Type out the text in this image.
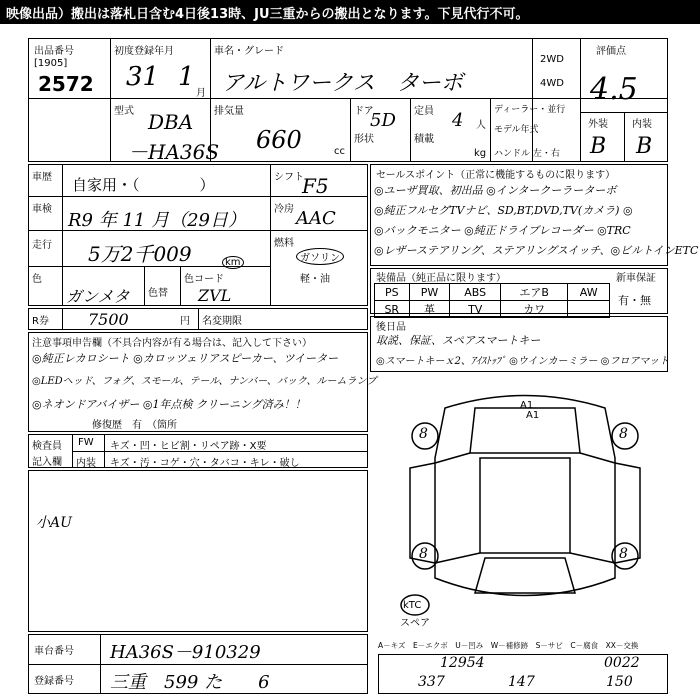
映像出品）搬出は落札日含む4日後13時、JU三重からの搬出となります。下見代行不可。
出品番号
[1905]
2572
初度登録年月
31 1
月
車名・グレード
アルトワークス　ターボ
2WD
4WD
評価点
4.5
外装 内装
B B
型式 DBA
－HA36S
排気量
660	cc
ドア
5D
形状
定員 4 人
積載
kg
ディーラー・並行
モデル年式
ハンドル 左・右
車歴 自家用・（　　　　）
車検
R9 年 11 月（29日）
走行 5万2千009	km
色
ガンメタ 色替
色コード
ZVL
シフト
F5
冷房 AAC
燃料
ガソリン
軽・油
R券 7500	円 名変期限
セールスポイント（正常に機能するものに限ります）
◎ユーザ買取、初出品 ◎インタークーラーターボ
◎純正フルセグTVナビ、SD,BT,DVD,TV(カメラ) ◎
◎バックモニター ◎純正ドライブレコーダー ◎TRC
◎レザーステアリング、ステアリングスイッチ、◎ビルトインETC
装備品（純正品に限ります）	新車保証
有・無
PS	PW	ABS	エアB	AW
SR	革	TV	カワ	
後日品
取説、保証、スペアスマートキー
◎スマートキーｘ2、ｱｲｽﾄｯﾌﾟ ◎ウインカーミラー ◎フロアマット
注意事項申告欄（不具合内容が有る場合は、記入して下さい）
◎純正レカロシート ◎カロッツェリアスピーカー、ツイーター
◎LEDヘッド、フォグ、スモール、テール、ナンバー、バック、ルームランプ
◎ネオンドアバイザー ◎1年点検 クリーニング済み！！
修復歴　有　（箇所
検査員
記入欄
FW キズ・凹・ヒビ割・リペア跡・X要
内装 キズ・汚・コゲ・穴・タバコ・キレ・破し
小AU
8	8
8	8
kTC
スペア
A1
A1
車台番号 HA36S－910329
登録番号 三重　599 た　　6
A－キズ　E－エクボ　U－凹み　W－補修跡　S－サビ　C－腐食　XX－交換
12954	0022
337	147	150
